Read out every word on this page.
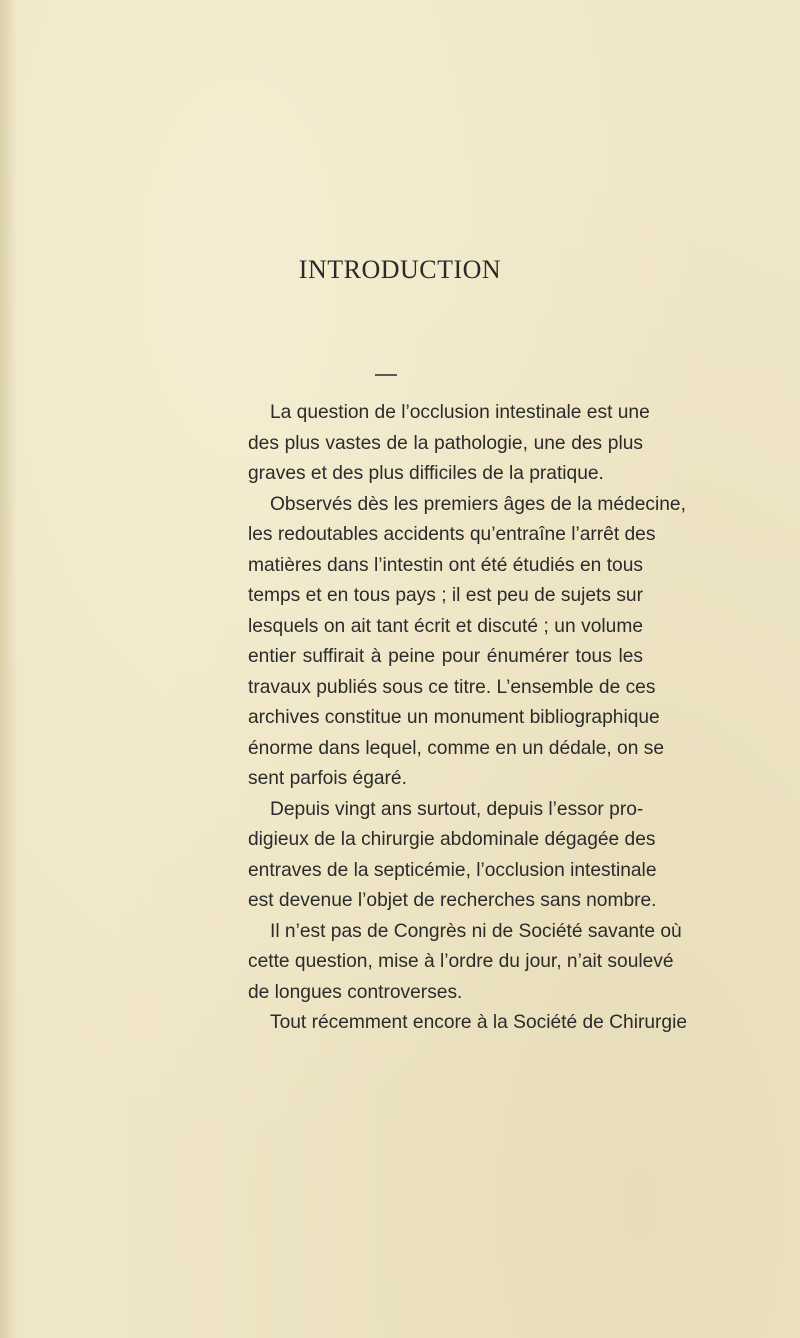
INTRODUCTION
La question de l’occlusion intestinale est une
des plus vastes de la pathologie, une des plus
graves et des plus difficiles de la pratique.
Observés dès les premiers âges de la médecine,
les redoutables accidents qu’entraîne l’arrêt des
matières dans l’intestin ont été étudiés en tous
temps et en tous pays ; il est peu de sujets sur
lesquels on ait tant écrit et discuté ; un volume
entier suffirait à peine pour énumérer tous les
travaux publiés sous ce titre. L’ensemble de ces
archives constitue un monument bibliographique
énorme dans lequel, comme en un dédale, on se
sent parfois égaré.
Depuis vingt ans surtout, depuis l’essor pro-
digieux de la chirurgie abdominale dégagée des
entraves de la septicémie, l’occlusion intestinale
est devenue l’objet de recherches sans nombre.
Il n’est pas de Congrès ni de Société savante où
cette question, mise à l’ordre du jour, n’ait soulevé
de longues controverses.
Tout récemment encore à la Société de Chirurgie
